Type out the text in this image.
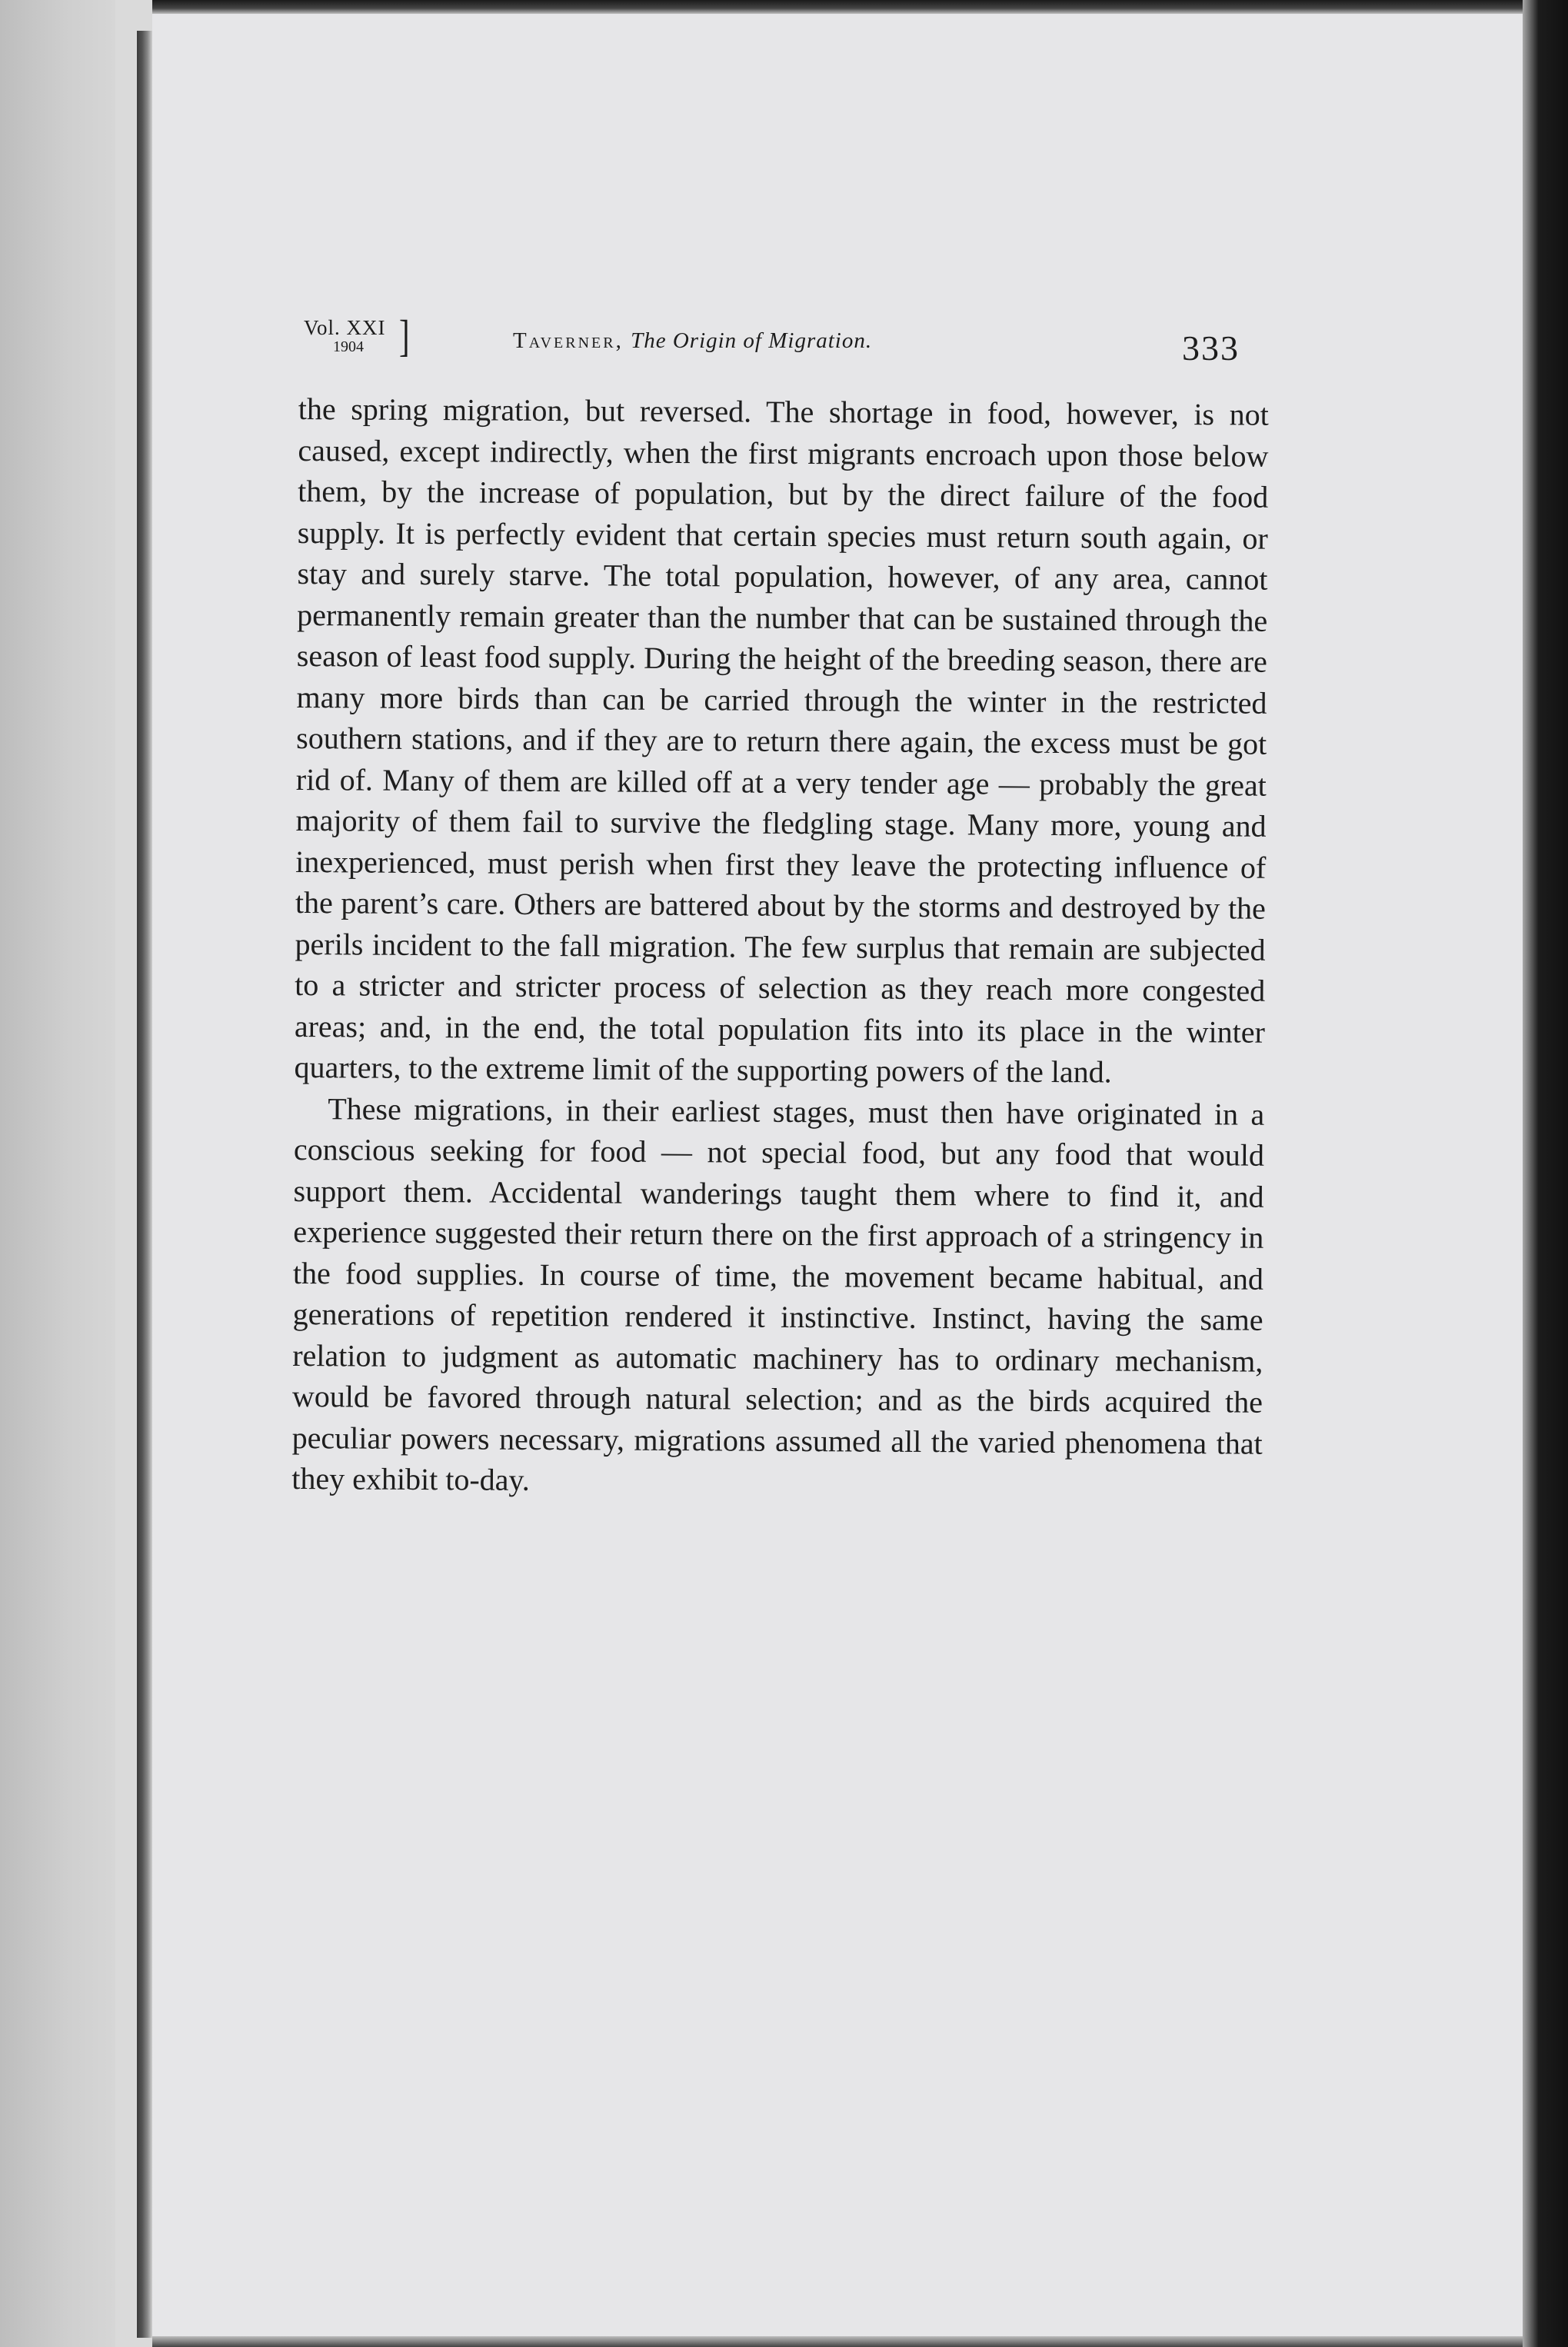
Vol. XXI
1904 ]	Taverner, The Origin of Migration.	333

the spring migration, but reversed. The shortage in food, however, is not caused, except indirectly, when the first migrants encroach upon those below them, by the increase of population, but by the direct failure of the food supply. It is perfectly evident that certain species must return south again, or stay and surely starve. The total population, however, of any area, cannot permanently remain greater than the number that can be sustained through the season of least food supply. During the height of the breeding season, there are many more birds than can be carried through the winter in the restricted southern stations, and if they are to return there again, the excess must be got rid of. Many of them are killed off at a very tender age — probably the great majority of them fail to survive the fledgling stage. Many more, young and inexperienced, must perish when first they leave the protecting influence of the parent’s care. Others are battered about by the storms and destroyed by the perils incident to the fall migration. The few surplus that remain are subjected to a stricter and stricter process of selection as they reach more congested areas; and, in the end, the total population fits into its place in the winter quarters, to the extreme limit of the supporting powers of the land.

These migrations, in their earliest stages, must then have originated in a conscious seeking for food — not special food, but any food that would support them. Accidental wanderings taught them where to find it, and experience suggested their return there on the first approach of a stringency in the food supplies. In course of time, the movement became habitual, and generations of repetition rendered it instinctive. Instinct, having the same relation to judgment as automatic machinery has to ordinary mechanism, would be favored through natural selection; and as the birds acquired the peculiar powers necessary, migrations assumed all the varied phenomena that they exhibit to-day.
